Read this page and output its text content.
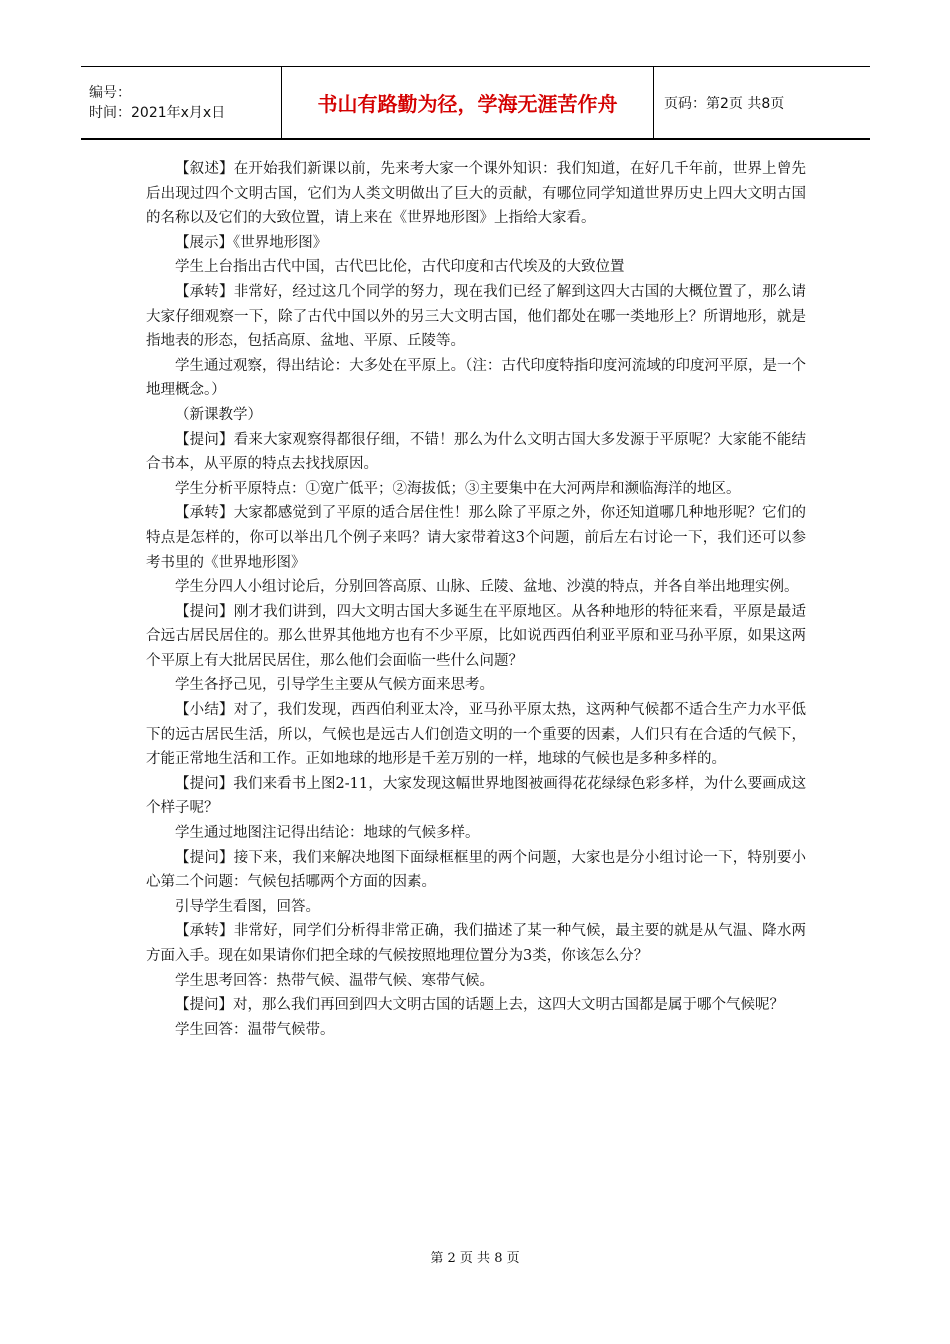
编号：
时间：2021年x月x日	书山有路勤为径，学海无涯苦作舟	页码：第2页 共8页

【叙述】在开始我们新课以前，先来考大家一个课外知识：我们知道，在好几千年前，世界上曾先后出现过四个文明古国，它们为人类文明做出了巨大的贡献，有哪位同学知道世界历史上四大文明古国的名称以及它们的大致位置，请上来在《世界地形图》上指给大家看。

【展示】《世界地形图》

学生上台指出古代中国，古代巴比伦，古代印度和古代埃及的大致位置

【承转】非常好，经过这几个同学的努力，现在我们已经了解到这四大古国的大概位置了，那么请大家仔细观察一下，除了古代中国以外的另三大文明古国，他们都处在哪一类地形上？所谓地形，就是指地表的形态，包括高原、盆地、平原、丘陵等。

学生通过观察，得出结论：大多处在平原上。（注：古代印度特指印度河流域的印度河平原，是一个地理概念。）

（新课教学）

【提问】看来大家观察得都很仔细，不错！那么为什么文明古国大多发源于平原呢？大家能不能结合书本，从平原的特点去找找原因。

学生分析平原特点：①宽广低平；②海拔低；③主要集中在大河两岸和濒临海洋的地区。

【承转】大家都感觉到了平原的适合居住性！那么除了平原之外，你还知道哪几种地形呢？它们的特点是怎样的，你可以举出几个例子来吗？请大家带着这3个问题，前后左右讨论一下，我们还可以参考书里的《世界地形图》

学生分四人小组讨论后，分别回答高原、山脉、丘陵、盆地、沙漠的特点，并各自举出地理实例。

【提问】刚才我们讲到，四大文明古国大多诞生在平原地区。从各种地形的特征来看，平原是最适合远古居民居住的。那么世界其他地方也有不少平原，比如说西西伯利亚平原和亚马孙平原，如果这两个平原上有大批居民居住，那么他们会面临一些什么问题？

学生各抒己见，引导学生主要从气候方面来思考。

【小结】对了，我们发现，西西伯利亚太冷，亚马孙平原太热，这两种气候都不适合生产力水平低下的远古居民生活，所以，气候也是远古人们创造文明的一个重要的因素，人们只有在合适的气候下，才能正常地生活和工作。正如地球的地形是千差万别的一样，地球的气候也是多种多样的。

【提问】我们来看书上图2-11，大家发现这幅世界地图被画得花花绿绿色彩多样，为什么要画成这个样子呢？

学生通过地图注记得出结论：地球的气候多样。

【提问】接下来，我们来解决地图下面绿框框里的两个问题，大家也是分小组讨论一下，特别要小心第二个问题：气候包括哪两个方面的因素。

引导学生看图，回答。

【承转】非常好，同学们分析得非常正确，我们描述了某一种气候，最主要的就是从气温、降水两方面入手。现在如果请你们把全球的气候按照地理位置分为3类，你该怎么分？

学生思考回答：热带气候、温带气候、寒带气候。

【提问】对，那么我们再回到四大文明古国的话题上去，这四大文明古国都是属于哪个气候呢？

学生回答：温带气候带。

第 2 页 共 8 页
